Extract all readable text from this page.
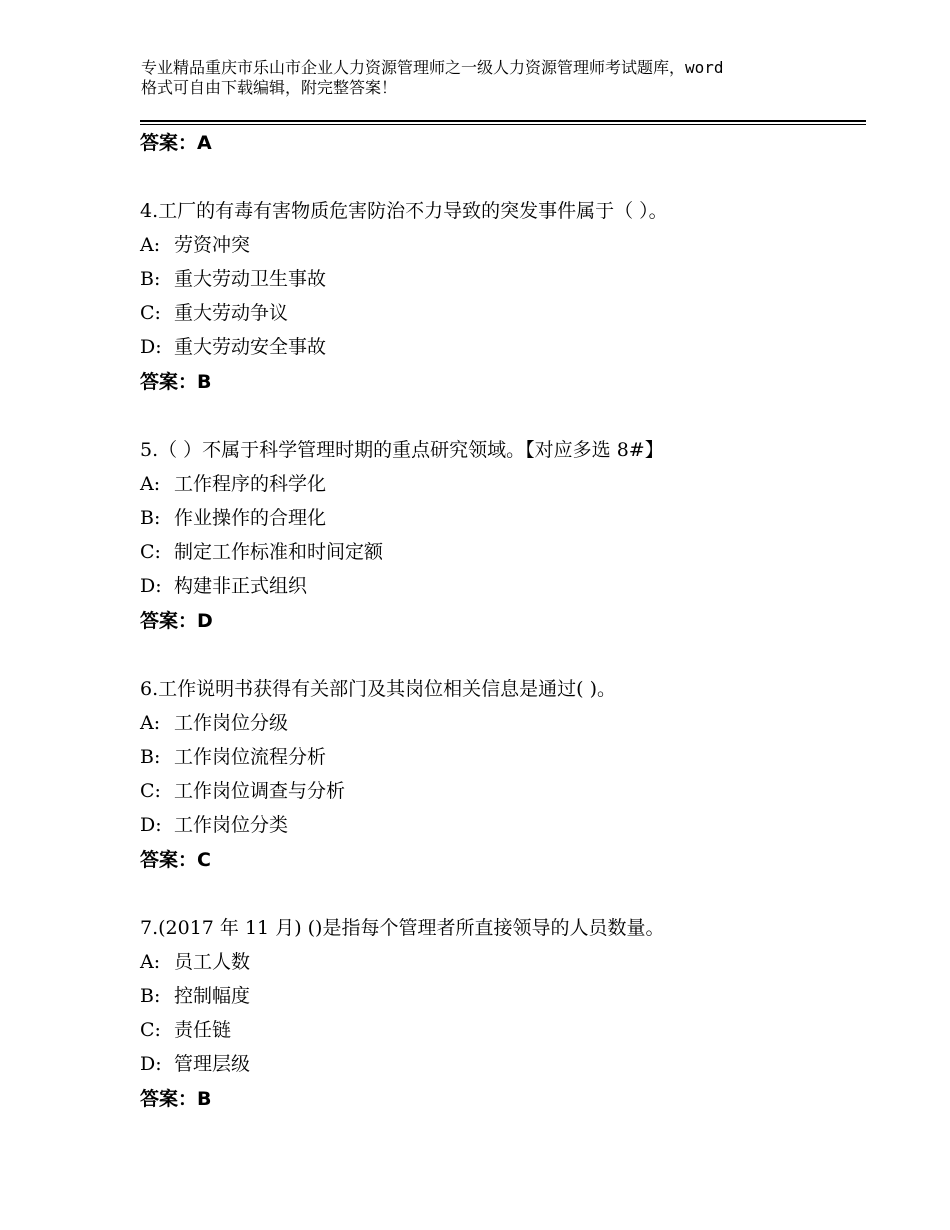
专业精品重庆市乐山市企业人力资源管理师之一级人力资源管理师考试题库，word
格式可自由下载编辑，附完整答案！
答案：A
4.工厂的有毒有害物质危害防治不力导致的突发事件属于（ ）。
A: 劳资冲突
B: 重大劳动卫生事故
C: 重大劳动争议
D: 重大劳动安全事故
答案：B
5.（ ）不属于科学管理时期的重点研究领域。【对应多选 8#】
A: 工作程序的科学化
B: 作业操作的合理化
C: 制定工作标准和时间定额
D: 构建非正式组织
答案：D
6.工作说明书获得有关部门及其岗位相关信息是通过( )。
A: 工作岗位分级
B: 工作岗位流程分析
C: 工作岗位调查与分析
D: 工作岗位分类
答案：C
7.(2017 年 11 月) ()是指每个管理者所直接领导的人员数量。
A: 员工人数
B: 控制幅度
C: 责任链
D: 管理层级
答案：B
